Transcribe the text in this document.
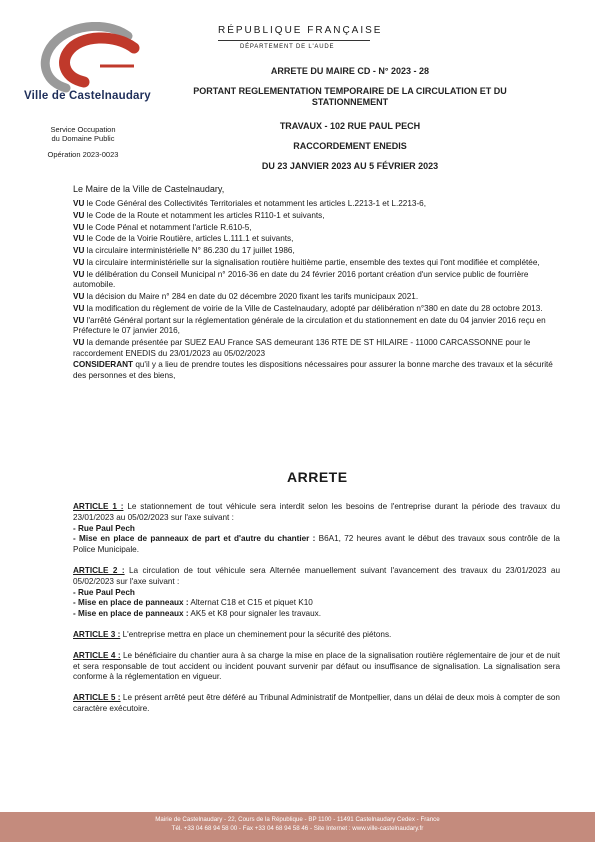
Ville de Castelnaudary
Service Occupation
du Domaine Public
Opération 2023-0023
RÉPUBLIQUE FRANÇAISE
DÉPARTEMENT DE L'AUDE
ARRETE DU MAIRE CD - N° 2023 - 28
PORTANT REGLEMENTATION TEMPORAIRE DE LA CIRCULATION ET DU STATIONNEMENT
TRAVAUX - 102 RUE PAUL PECH
RACCORDEMENT ENEDIS
DU 23 JANVIER 2023 AU 5 FÉVRIER 2023
Le Maire de la Ville de Castelnaudary,

VU le Code Général des Collectivités Territoriales et notamment les articles L.2213-1 et L.2213-6,

VU le Code de la Route et notamment les articles R110-1 et suivants,

VU le Code Pénal et notamment l'article R.610-5,

VU le Code de la Voirie Routière, articles L.111.1 et suivants,

VU la circulaire interministérielle N° 86.230 du 17 juillet 1986,

VU la circulaire interministérielle sur la signalisation routière huitième partie, ensemble des textes qui l'ont modifiée et complétée,

VU le délibération du Conseil Municipal n° 2016-36 en date du 24 février 2016 portant création d'un service public de fourrière automobile.

VU la décision du Maire n° 284 en date du 02 décembre 2020 fixant les tarifs municipaux 2021.

VU la modification du règlement de voirie de la Ville de Castelnaudary, adopté par délibération n°380 en date du 28 octobre 2013.

VU l'arrêté Général portant sur la réglementation générale de la circulation et du stationnement en date du 04 janvier 2016 reçu en Préfecture le 07 janvier 2016,

VU la demande présentée par SUEZ EAU France SAS demeurant 136 RTE DE ST HILAIRE - 11000 CARCASSONNE pour le raccordement ENEDIS du 23/01/2023 au 05/02/2023

CONSIDERANT qu'il y a lieu de prendre toutes les dispositions nécessaires pour assurer la bonne marche des travaux et la sécurité des personnes et des biens,

ARRETE
ARTICLE 1 : Le stationnement de tout véhicule sera interdit selon les besoins de l'entreprise durant la période des travaux du 23/01/2023 au 05/02/2023 sur l'axe suivant :
- Rue Paul Pech
- Mise en place de panneaux de part et d'autre du chantier : B6A1, 72 heures avant le début des travaux sous contrôle de la Police Municipale.
ARTICLE 2 : La circulation de tout véhicule sera Alternée manuellement suivant l'avancement des travaux du 23/01/2023 au 05/02/2023 sur l'axe suivant :
- Rue Paul Pech
- Mise en place de panneaux : Alternat C18 et C15 et piquet K10
- Mise en place de panneaux : AK5 et K8 pour signaler les travaux.
ARTICLE 3 : L'entreprise mettra en place un cheminement pour la sécurité des piétons.
ARTICLE 4 : Le bénéficiaire du chantier aura à sa charge la mise en place de la signalisation routière réglementaire de jour et de nuit et sera responsable de tout accident ou incident pouvant survenir par défaut ou insuffisance de signalisation. La signalisation sera conforme à la réglementation en vigueur.
ARTICLE 5 : Le présent arrêté peut être déféré au Tribunal Administratif de Montpellier, dans un délai de deux mois à compter de son caractère exécutoire.
Mairie de Castelnaudary - 22, Cours de la République - BP 1100 - 11491 Castelnaudary Cedex - France
Tél. +33 04 68 94 58 00 - Fax +33 04 68 94 58 46 - Site Internet : www.ville-castelnaudary.fr
